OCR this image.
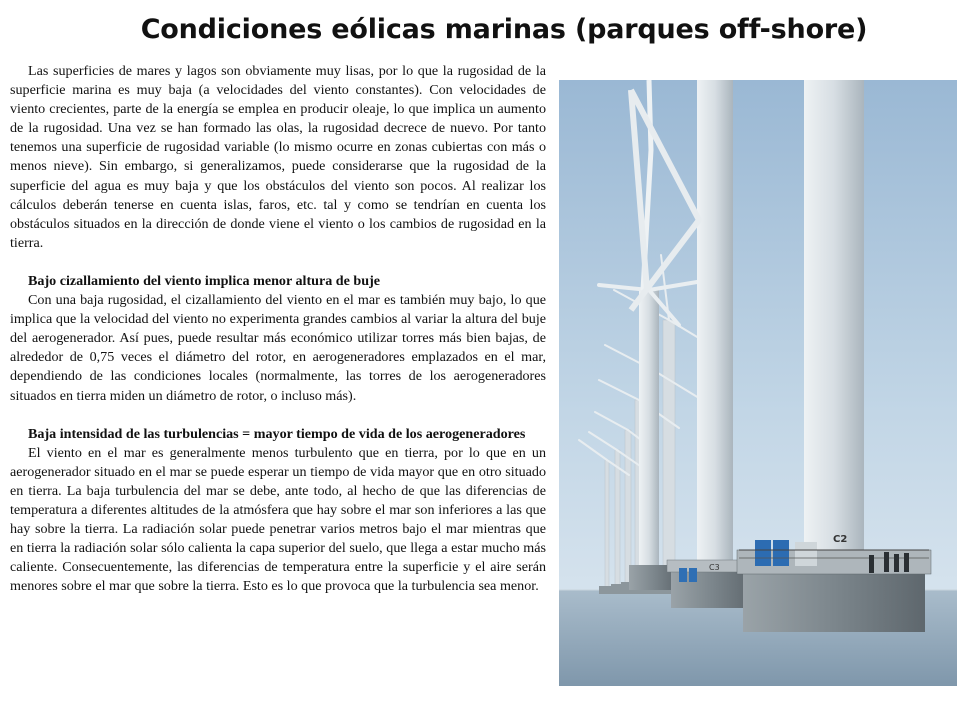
Condiciones eólicas marinas (parques off-shore)

Las superficies de mares y lagos son obviamente muy lisas, por lo que la rugosidad de la superficie marina es muy baja (a velocidades del viento constantes). Con velocidades de viento crecientes, parte de la energía se emplea en producir oleaje, lo que implica un aumento de la rugosidad. Una vez se han formado las olas, la rugosidad decrece de nuevo. Por tanto tenemos una superficie de rugosidad variable (lo mismo ocurre en zonas cubiertas con más o menos nieve). Sin embargo, si generalizamos, puede considerarse que la rugosidad de la superficie del agua es muy baja y que los obstáculos del viento son pocos. Al realizar los cálculos deberán tenerse en cuenta islas, faros, etc. tal y como se tendrían en cuenta los obstáculos situados en la dirección de donde viene el viento o los cambios de rugosidad en la tierra.

Bajo cizallamiento del viento implica menor altura de buje

Con una baja rugosidad, el cizallamiento del viento en el mar es también muy bajo, lo que implica que la velocidad del viento no experimenta grandes cambios al variar la altura del buje del aerogenerador. Así pues, puede resultar más económico utilizar torres más bien bajas, de alrededor de 0,75 veces el diámetro del rotor, en aerogeneradores emplazados en el mar, dependiendo de las condiciones locales (normalmente, las torres de los aerogeneradores situados en tierra miden un diámetro de rotor, o incluso más).

Baja intensidad de las turbulencias = mayor tiempo de vida de los aerogeneradores

El viento en el mar es generalmente menos turbulento que en tierra, por lo que en un aerogenerador situado en el mar se puede esperar un tiempo de vida mayor que en otro situado en tierra. La baja turbulencia del mar se debe, ante todo, al hecho de que las diferencias de temperatura a diferentes altitudes de la atmósfera que hay sobre el mar son inferiores a las que hay sobre la tierra. La radiación solar puede penetrar varios metros bajo el mar mientras que en tierra la radiación solar sólo calienta la capa superior del suelo, que llega a estar mucho más caliente. Consecuentemente, las diferencias de temperatura entre la superficie y el aire serán menores sobre el mar que sobre la tierra. Esto es lo que provoca que la turbulencia sea menor.

C3
C2
